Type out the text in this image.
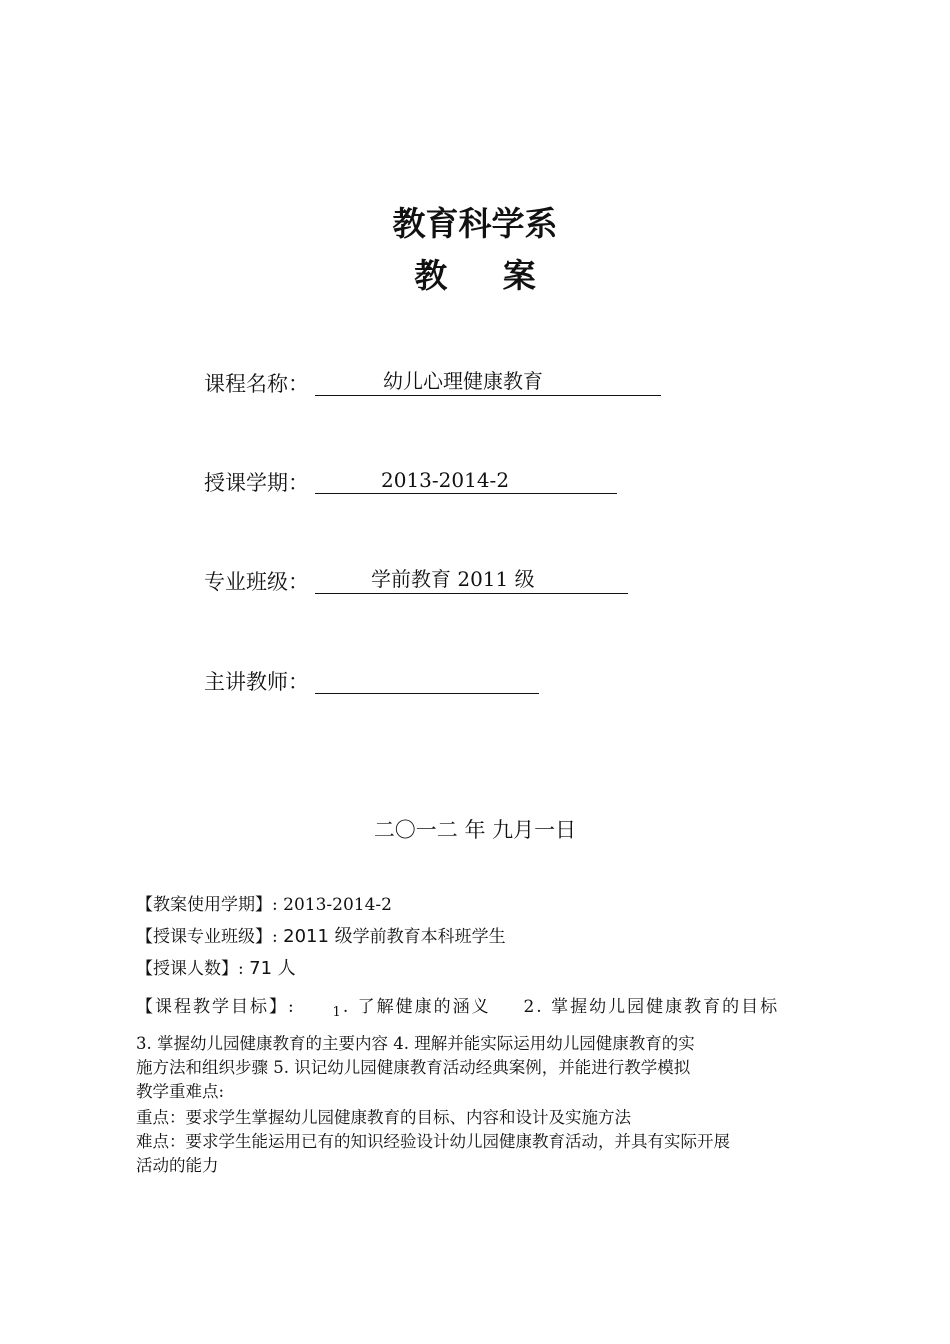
教育科学系
教 案
课程名称：	幼儿心理健康教育
授课学期：	2013-2014-2
专业班级：	学前教育 2011 级
主讲教师：
二〇一二 年 九月一日
【教案使用学期】: 2013-2014-2
【授课专业班级】: 2011 级学前教育本科班学生
【授课人数】: 71 人
【课程教学目标】:	$_1$. 了解健康的涵义 2. 掌握幼儿园健康教育的目标
3. 掌握幼儿园健康教育的主要内容 4. 理解并能实际运用幼儿园健康教育的实
施方法和组织步骤 5. 识记幼儿园健康教育活动经典案例，并能进行教学模拟
教学重难点:
重点：要求学生掌握幼儿园健康教育的目标、内容和设计及实施方法
难点：要求学生能运用已有的知识经验设计幼儿园健康教育活动，并具有实际开展
活动的能力
